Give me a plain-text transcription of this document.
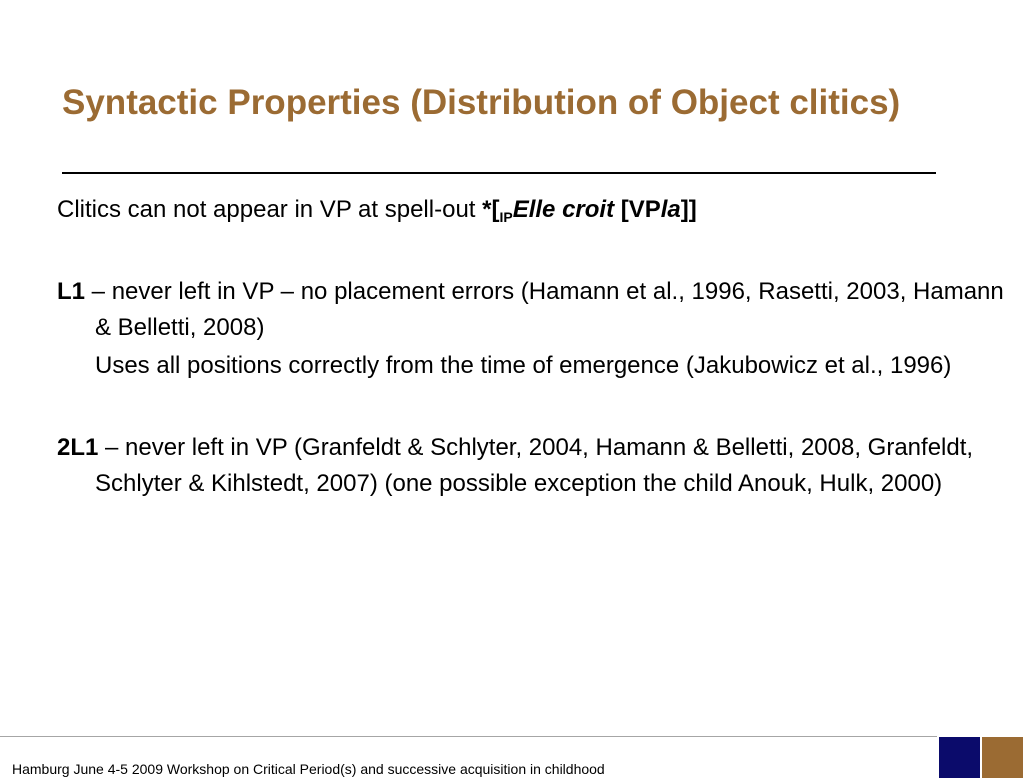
Syntactic Properties (Distribution of Object clitics)

Clitics can not appear in VP at spell-out $*[_{IP}Elle$ croit [VPla]]

L1 – never left in VP – no placement errors (Hamann et al., 1996, Rasetti, 2003, Hamann & Belletti, 2008)

Uses all positions correctly from the time of emergence (Jakubowicz et al., 1996)

2L1 – never left in VP (Granfeldt & Schlyter, 2004, Hamann & Belletti, 2008, Granfeldt, Schlyter & Kihlstedt, 2007) (one possible exception the child Anouk, Hulk, 2000)

Hamburg June 4-5 2009 Workshop on Critical Period(s) and successive acquisition in childhood
